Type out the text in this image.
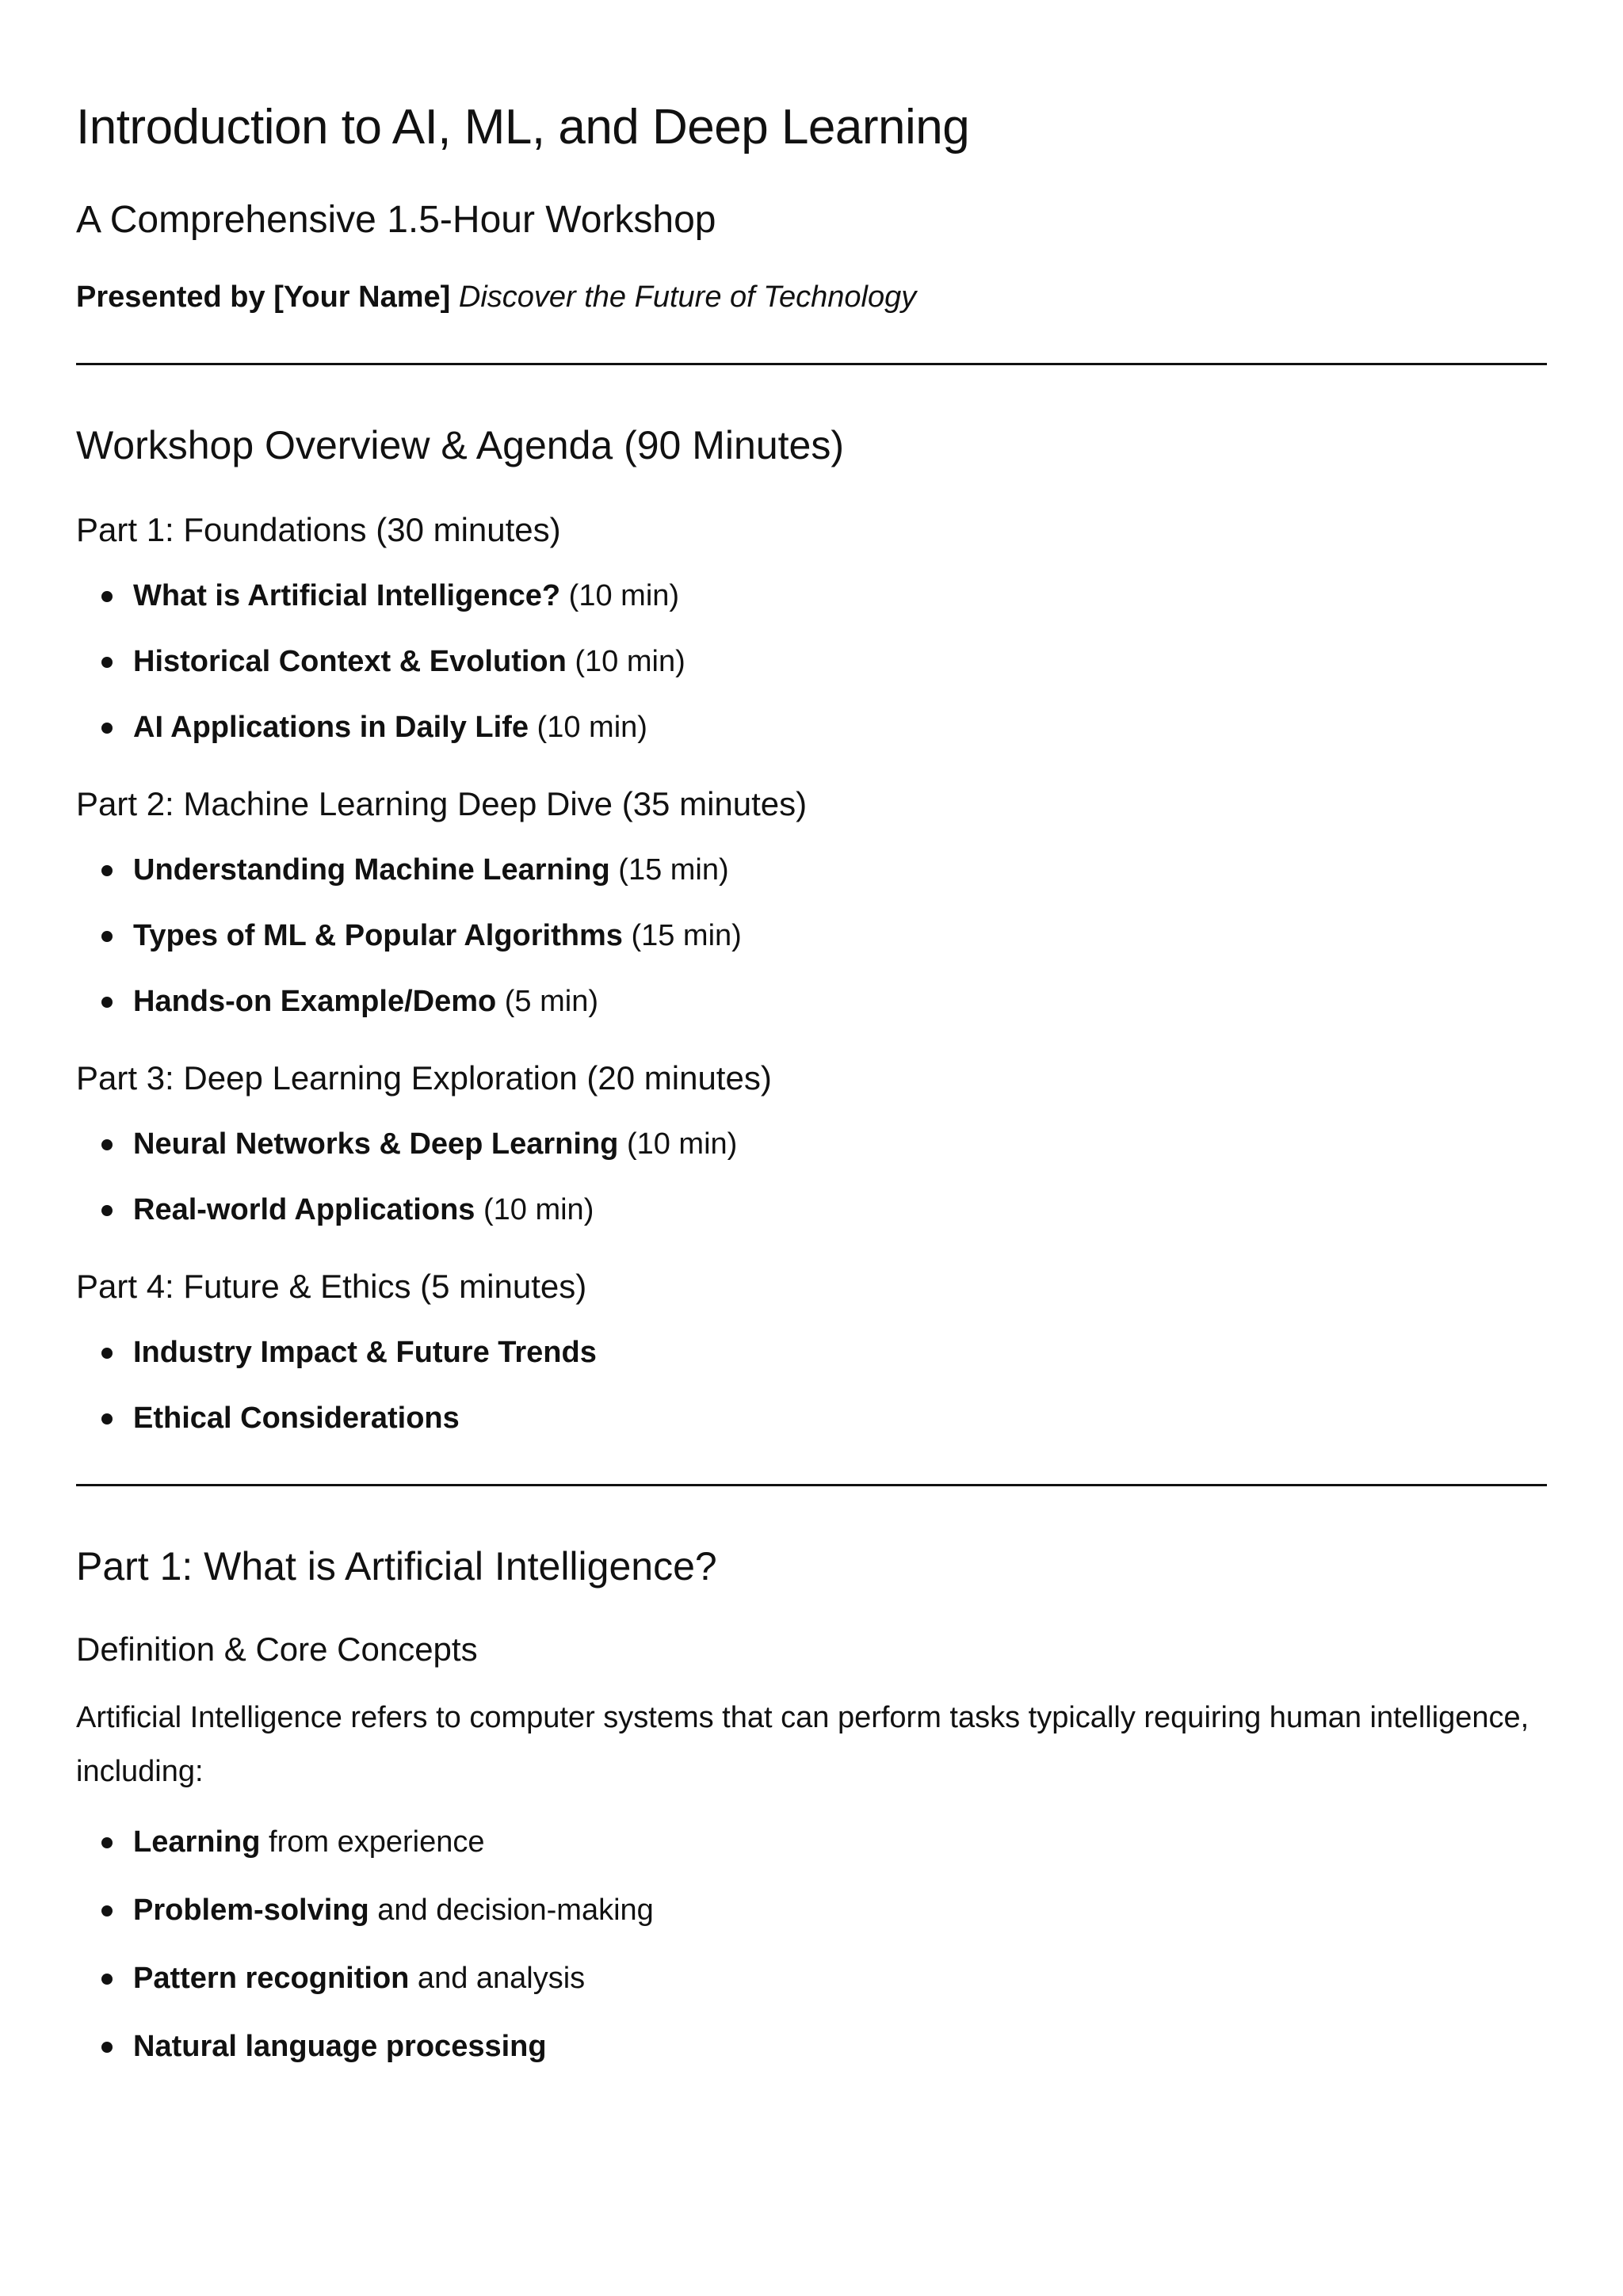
Introduction to AI, ML, and Deep Learning
A Comprehensive 1.5-Hour Workshop

Presented by [Your Name] Discover the Future of Technology

Workshop Overview & Agenda (90 Minutes)
Part 1: Foundations (30 minutes)
What is Artificial Intelligence? (10 min)
Historical Context & Evolution (10 min)
AI Applications in Daily Life (10 min)
Part 2: Machine Learning Deep Dive (35 minutes)
Understanding Machine Learning (15 min)
Types of ML & Popular Algorithms (15 min)
Hands-on Example/Demo (5 min)
Part 3: Deep Learning Exploration (20 minutes)
Neural Networks & Deep Learning (10 min)
Real-world Applications (10 min)
Part 4: Future & Ethics (5 minutes)
Industry Impact & Future Trends
Ethical Considerations
Part 1: What is Artificial Intelligence?
Definition & Core Concepts

Artificial Intelligence refers to computer systems that can perform tasks typically requiring human intelligence, including:

Learning from experience
Problem-solving and decision-making
Pattern recognition and analysis
Natural language processing
